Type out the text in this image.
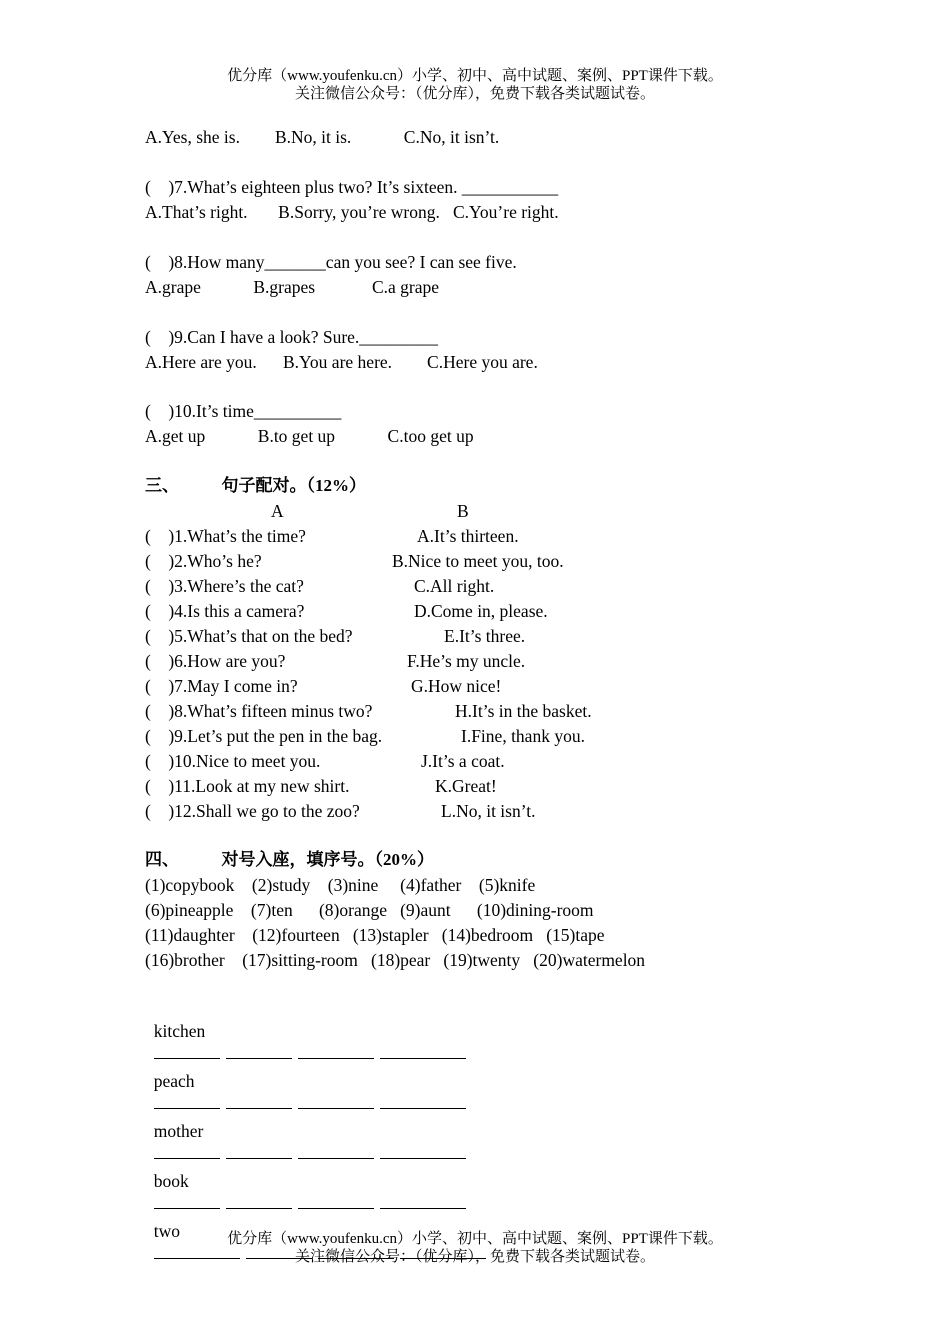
优分库（www.youfenku.cn）小学、初中、高中试题、案例、PPT课件下载。
关注微信公众号：（优分库），免费下载各类试题试卷。
A.Yes, she is.        B.No, it is.            C.No, it isn’t.
(    )7.What’s eighteen plus two? It’s sixteen. ___________
A.That’s right.       B.Sorry, you’re wrong.   C.You’re right.
(    )8.How many_______can you see? I can see five.
A.grape            B.grapes             C.a grape
(    )9.Can I have a look? Sure._________
A.Here are you.      B.You are here.        C.Here you are.
(    )10.It’s time__________
A.get up            B.to get up            C.too get up
三、          句子配对。（12%）
A	B
(    )1.What’s the time?	A.It’s thirteen.
(    )2.Who’s he?	B.Nice to meet you, too.
(    )3.Where’s the cat?	C.All right.
(    )4.Is this a camera?	D.Come in, please.
(    )5.What’s that on the bed?	E.It’s three.
(    )6.How are you?	F.He’s my uncle.
(    )7.May I come in?	G.How nice!
(    )8.What’s fifteen minus two?	H.It’s in the basket.
(    )9.Let’s put the pen in the bag.	I.Fine, thank you.
(    )10.Nice to meet you.	J.It’s a coat.
(    )11.Look at my new shirt.	K.Great!
(    )12.Shall we go to the zoo?	L.No, it isn’t.
四、          对号入座，填序号。（20%）
(1)copybook    (2)study    (3)nine     (4)father    (5)knife
(6)pineapple    (7)ten      (8)orange   (9)aunt      (10)dining-room
(11)daughter    (12)fourteen   (13)stapler   (14)bedroom   (15)tape
(16)brother    (17)sitting-room   (18)pear   (19)twenty   (20)watermelon

kitchen

peach

mother

book

two
	优分库（www.youfenku.cn）小学、初中、高中试题、案例、PPT课件下载。
关注微信公众号：（优分库），免费下载各类试题试卷。
